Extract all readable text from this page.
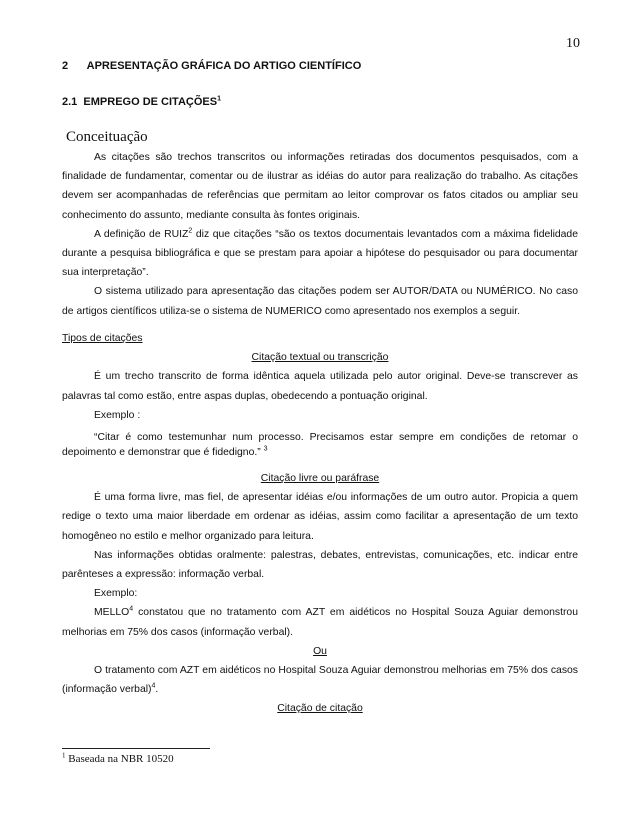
10
2 APRESENTAÇÃO GRÁFICA DO ARTIGO CIENTÍFICO
2.1 EMPREGO DE CITAÇÕES$^1$
Conceituação

As citações são trechos transcritos ou informações retiradas dos documentos pesquisados, com a finalidade de fundamentar, comentar ou de ilustrar as idéias do autor para realização do trabalho. As citações devem ser acompanhadas de referências que permitam ao leitor comprovar os fatos citados ou ampliar seu conhecimento do assunto, mediante consulta às fontes originais.

A definição de RUIZ$^2$ diz que citações “são os textos documentais levantados com a máxima fidelidade durante a pesquisa bibliográfica e que se prestam para apoiar a hipótese do pesquisador ou para documentar sua interpretação”.

O sistema utilizado para apresentação das citações podem ser AUTOR/DATA ou NUMÉRICO. No caso de artigos científicos utiliza-se o sistema de NUMERICO como apresentado nos exemplos a seguir.

Tipos de citações

Citação textual ou transcrição

É um trecho transcrito de forma idêntica aquela utilizada pelo autor original. Deve-se transcrever as palavras tal como estão, entre aspas duplas, obedecendo a pontuação original.

Exemplo :

“Citar é como testemunhar num processo. Precisamos estar sempre em condições de retomar o depoimento e demonstrar que é fidedigno.” $^3$

Citação livre ou paráfrase

É uma forma livre, mas fiel, de apresentar idéias e/ou informações de um outro autor. Propicia a quem redige o texto uma maior liberdade em ordenar as idéias, assim como facilitar a apresentação de um texto homogêneo no estilo e melhor organizado para leitura.

Nas informações obtidas oralmente: palestras, debates, entrevistas, comunicações, etc. indicar entre parênteses a expressão: informação verbal.

Exemplo:

MELLO$^4$ constatou que no tratamento com AZT em aidéticos no Hospital Souza Aguiar demonstrou melhorias em 75% dos casos (informação verbal).

Ou

O tratamento com AZT em aidéticos no Hospital Souza Aguiar demonstrou melhorias em 75% dos casos (informação verbal)$^4$.

Citação de citação

$^1$ Baseada na NBR 10520
